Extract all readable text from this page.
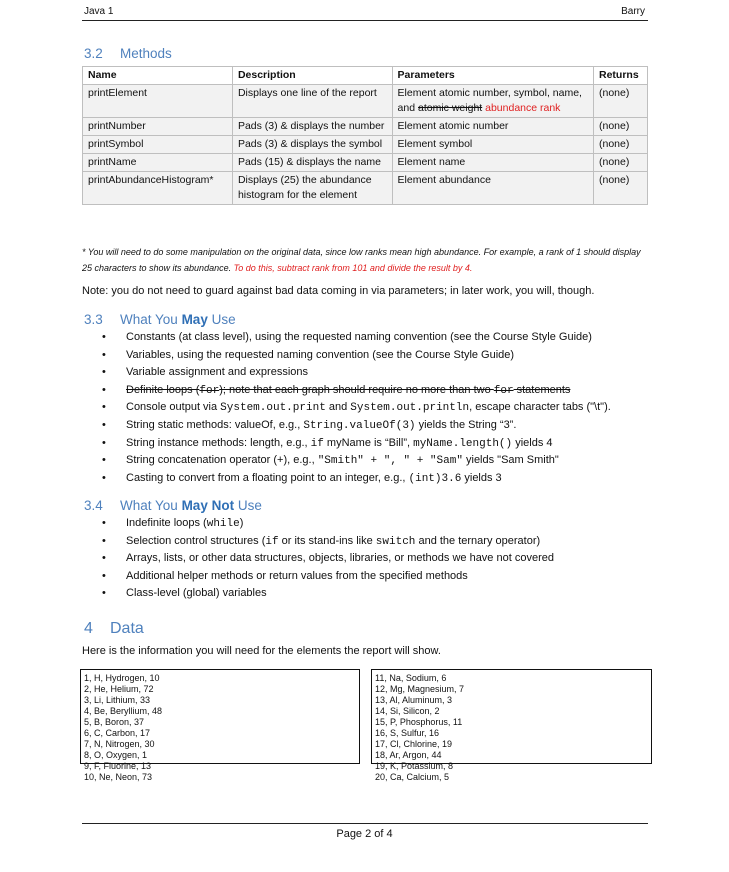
Java 1	Barry
3.2 Methods
Name	Description	Parameters	Returns
printElement	Displays one line of the report	Element atomic number, symbol, name, and atomic weight abundance rank	(none)
printNumber	Pads (3) & displays the number	Element atomic number	(none)
printSymbol	Pads (3) & displays the symbol	Element symbol	(none)
printName	Pads (15) & displays the name	Element name	(none)
printAbundanceHistogram*	Displays (25) the abundance histogram for the element	Element abundance	(none)
* You will need to do some manipulation on the original data, since low ranks mean high abundance. For example, a rank of 1 should display 25 characters to show its abundance. To do this, subtract rank from 101 and divide the result by 4.
Note: you do not need to guard against bad data coming in via parameters; in later work, you will, though.
3.3 What You May Use
• Constants (at class level), using the requested naming convention (see the Course Style Guide)
• Variables, using the requested naming convention (see the Course Style Guide)
• Variable assignment and expressions
• Definite loops (for); note that each graph should require no more than two for statements
• Console output via System.out.print and System.out.println, escape character tabs ("\t").
• String static methods: valueOf, e.g., String.valueOf(3) yields the String “3”.
• String instance methods: length, e.g., if myName is “Bill”, myName.length() yields 4
• String concatenation operator (+), e.g., "Smith" + ", " + "Sam" yields "Sam Smith"
• Casting to convert from a floating point to an integer, e.g., (int)3.6 yields 3
3.4 What You May Not Use
• Indefinite loops (while)
• Selection control structures (if or its stand-ins like switch and the ternary operator)
• Arrays, lists, or other data structures, objects, libraries, or methods we have not covered
• Additional helper methods or return values from the specified methods
• Class-level (global) variables
4 Data
Here is the information you will need for the elements the report will show.
1, H, Hydrogen, 10
2, He, Helium, 72
3, Li, Lithium, 33
4, Be, Beryllium, 48
5, B, Boron, 37
6, C, Carbon, 17
7, N, Nitrogen, 30
8, O, Oxygen, 1
9, F, Fluorine, 13
10, Ne, Neon, 73
11, Na, Sodium, 6
12, Mg, Magnesium, 7
13, Al, Aluminum, 3
14, Si, Silicon, 2
15, P, Phosphorus, 11
16, S, Sulfur, 16
17, Cl, Chlorine, 19
18, Ar, Argon, 44
19, K, Potassium, 8
20, Ca, Calcium, 5
Page 2 of 4
